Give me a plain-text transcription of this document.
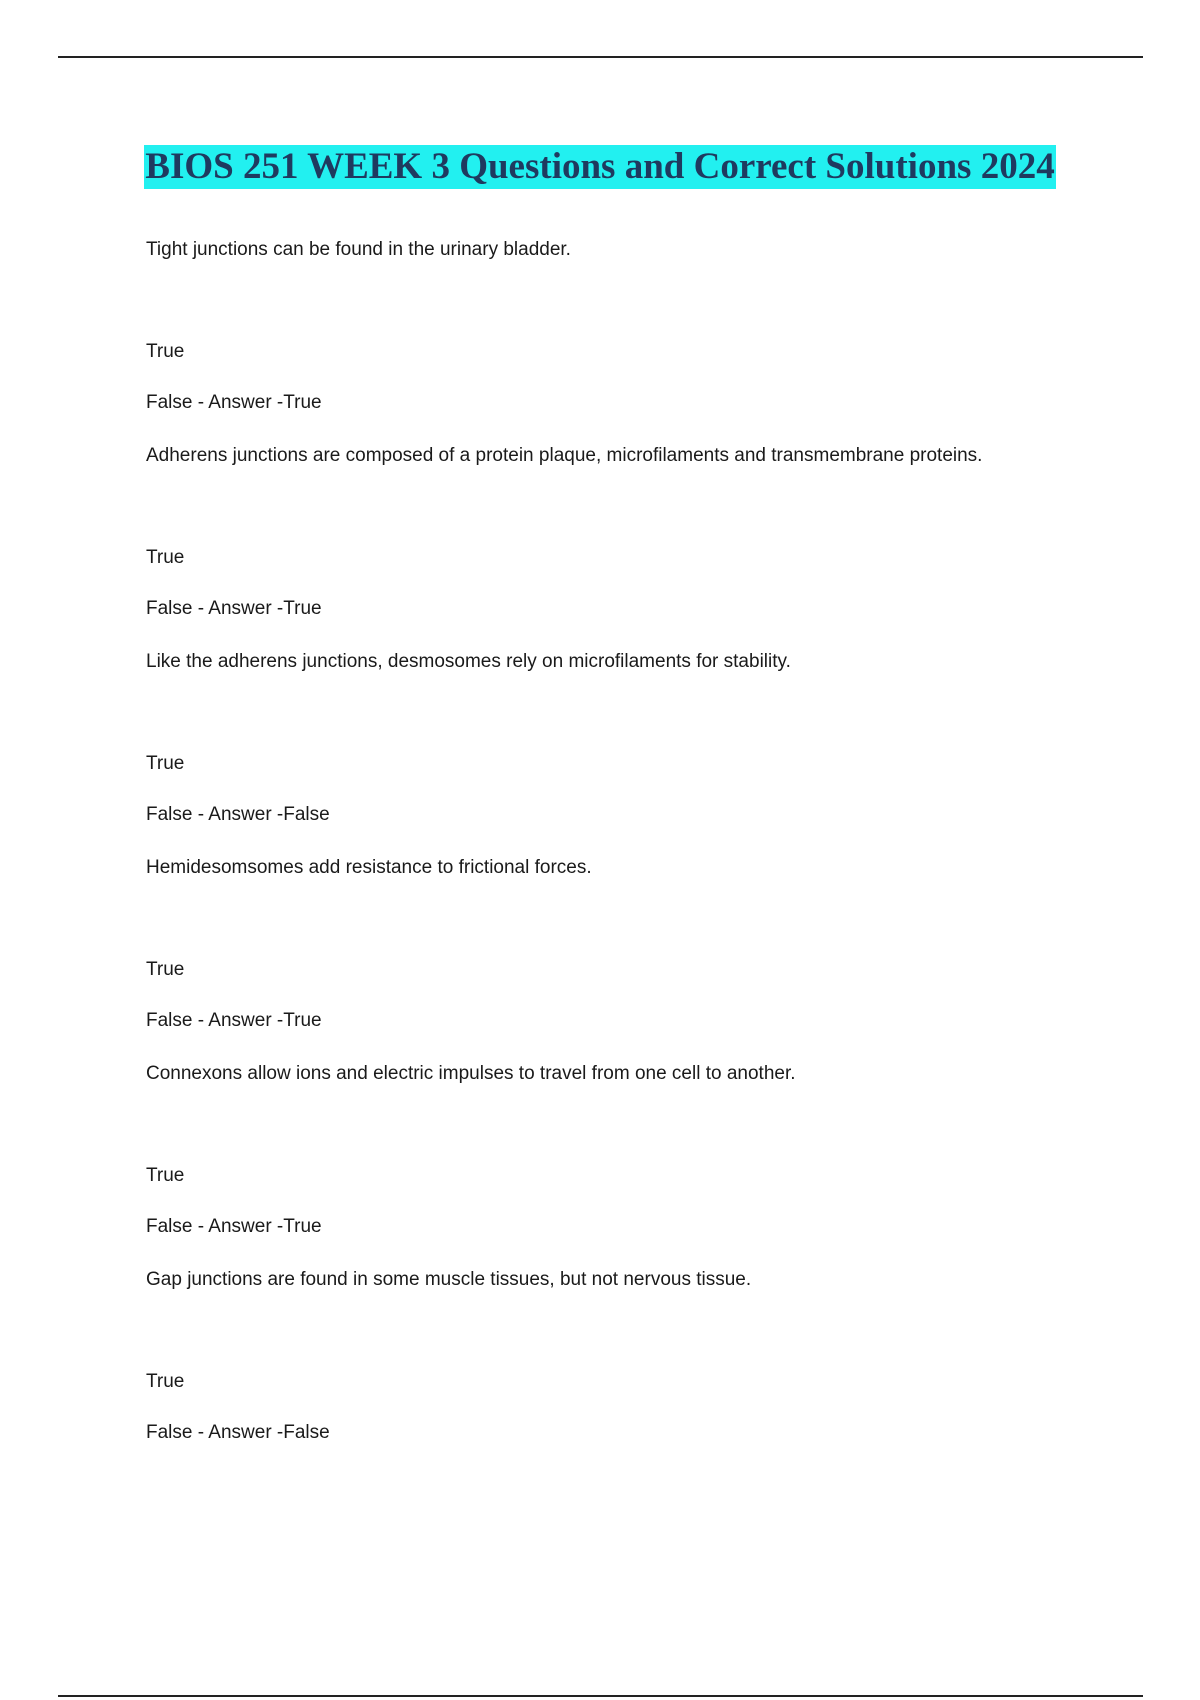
BIOS 251 WEEK 3 Questions and Correct Solutions 2024
Tight junctions can be found in the urinary bladder.
True
False - Answer -True
Adherens junctions are composed of a protein plaque, microfilaments and transmembrane proteins.
True
False - Answer -True
Like the adherens junctions, desmosomes rely on microfilaments for stability.
True
False - Answer -False
Hemidesomsomes add resistance to frictional forces.
True
False - Answer -True
Connexons allow ions and electric impulses to travel from one cell to another.
True
False - Answer -True
Gap junctions are found in some muscle tissues, but not nervous tissue.
True
False - Answer -False
